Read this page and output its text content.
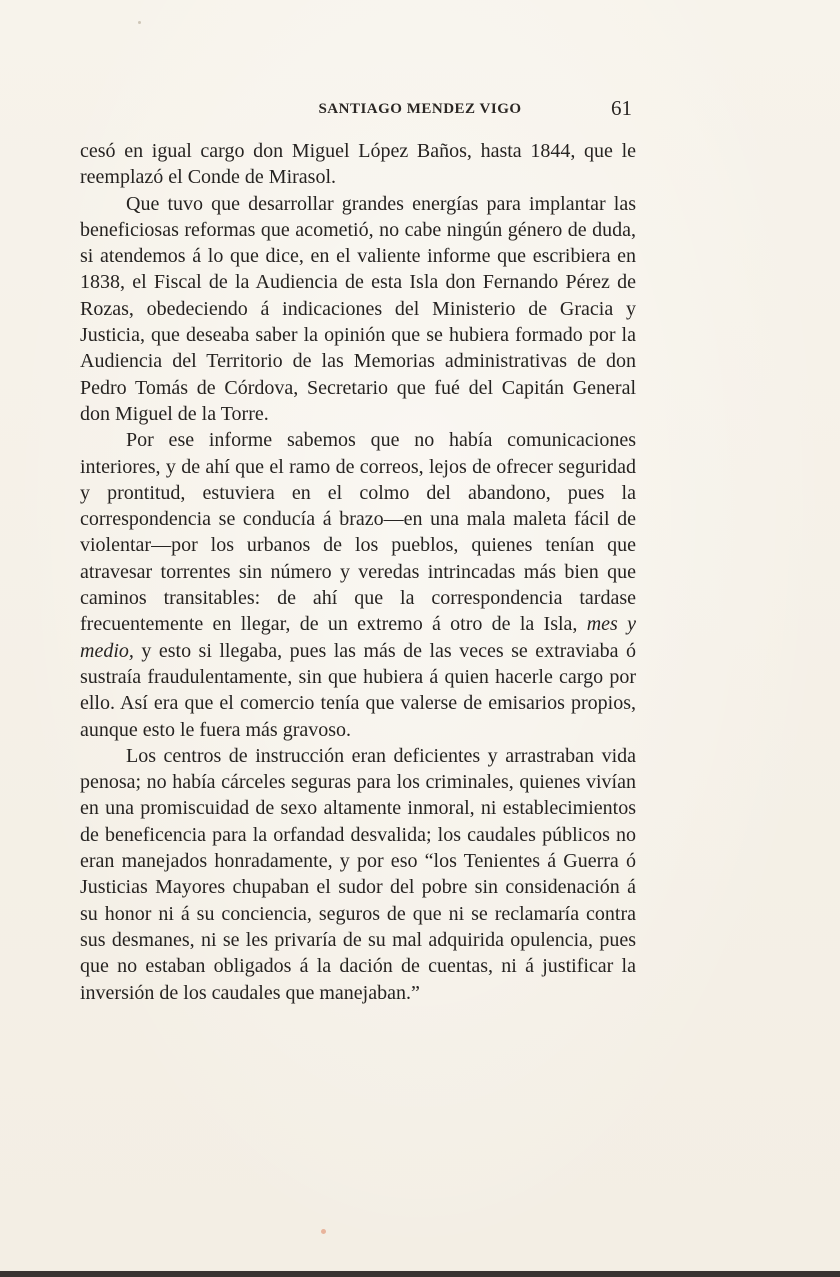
SANTIAGO MENDEZ VIGO	61

cesó en igual cargo don Miguel López Baños, hasta 1844, que le reemplazó el Conde de Mirasol.

Que tuvo que desarrollar grandes energías para implantar las beneficiosas reformas que acometió, no cabe ningún género de duda, si atendemos á lo que dice, en el valiente informe que escribiera en 1838, el Fiscal de la Audiencia de esta Isla don Fernando Pérez de Rozas, obedeciendo á indicaciones del Ministerio de Gracia y Justicia, que deseaba saber la opinión que se hubiera formado por la Audiencia del Territorio de las Memorias administrativas de don Pedro Tomás de Córdova, Secretario que fué del Capitán General don Miguel de la Torre.

Por ese informe sabemos que no había comunicaciones interiores, y de ahí que el ramo de correos, lejos de ofrecer seguridad y prontitud, estuviera en el colmo del abandono, pues la correspondencia se conducía á brazo—en una mala maleta fácil de violentar—por los urbanos de los pueblos, quienes tenían que atravesar torrentes sin número y veredas intrincadas más bien que caminos transitables: de ahí que la correspondencia tardase frecuentemente en llegar, de un extremo á otro de la Isla, mes y medio, y esto si llegaba, pues las más de las veces se extraviaba ó sustraía fraudulentamente, sin que hubiera á quien hacerle cargo por ello. Así era que el comercio tenía que valerse de emisarios propios, aunque esto le fuera más gravoso.

Los centros de instrucción eran deficientes y arrastraban vida penosa; no había cárceles seguras para los criminales, quienes vivían en una promiscuidad de sexo altamente inmoral, ni establecimientos de beneficencia para la orfandad desvalida; los caudales públicos no eran manejados honradamente, y por eso “los Tenientes á Guerra ó Justicias Mayores chupaban el sudor del pobre sin considenación á su honor ni á su conciencia, seguros de que ni se reclamaría contra sus desmanes, ni se les privaría de su mal adquirida opulencia, pues que no estaban obligados á la dación de cuentas, ni á justificar la inversión de los caudales que manejaban.”
